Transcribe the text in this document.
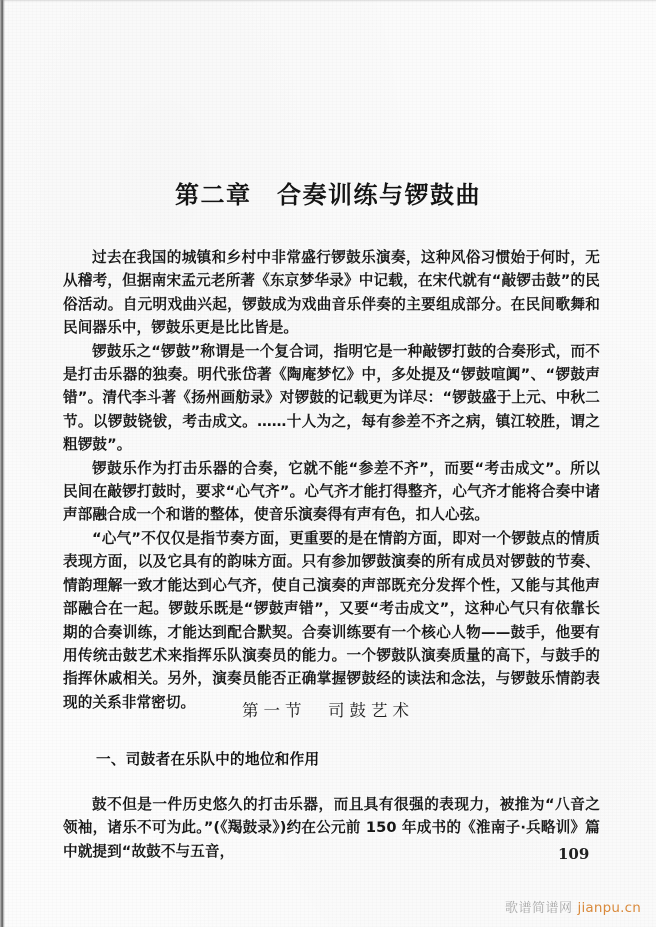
第二章　合奏训练与锣鼓曲

过去在我国的城镇和乡村中非常盛行锣鼓乐演奏，这种风俗习惯始于何时，无从稽考，但据南宋孟元老所著《东京梦华录》中记载，在宋代就有“敲锣击鼓”的民俗活动。自元明戏曲兴起，锣鼓成为戏曲音乐伴奏的主要组成部分。在民间歌舞和民间器乐中，锣鼓乐更是比比皆是。

锣鼓乐之“锣鼓”称谓是一个复合词，指明它是一种敲锣打鼓的合奏形式，而不是打击乐器的独奏。明代张岱著《陶庵梦忆》中，多处提及“锣鼓喧阗”、“锣鼓声错”。清代李斗著《扬州画舫录》对锣鼓的记载更为详尽：“锣鼓盛于上元、中秋二节。以锣鼓铙钹，考击成文。……十人为之，每有参差不齐之病，镇江较胜，谓之粗锣鼓”。

锣鼓乐作为打击乐器的合奏，它就不能“参差不齐”，而要“考击成文”。所以民间在敲锣打鼓时，要求“心气齐”。心气齐才能打得整齐，心气齐才能将合奏中诸声部融合成一个和谐的整体，使音乐演奏得有声有色，扣人心弦。

“心气”不仅仅是指节奏方面，更重要的是在情韵方面，即对一个锣鼓点的情质表现方面，以及它具有的韵味方面。只有参加锣鼓演奏的所有成员对锣鼓的节奏、情韵理解一致才能达到心气齐，使自己演奏的声部既充分发挥个性，又能与其他声部融合在一起。锣鼓乐既是“锣鼓声错”，又要“考击成文”，这种心气只有依靠长期的合奏训练，才能达到配合默契。合奏训练要有一个核心人物——鼓手，他要有用传统击鼓艺术来指挥乐队演奏员的能力。一个锣鼓队演奏质量的高下，与鼓手的指挥休戚相关。另外，演奏员能否正确掌握锣鼓经的读法和念法，与锣鼓乐情韵表现的关系非常密切。	第一节　司鼓艺术
一、司鼓者在乐队中的地位和作用

鼓不但是一件历史悠久的打击乐器，而且具有很强的表现力，被推为“八音之领袖，诸乐不可为此。”(《羯鼓录》)约在公元前 150 年成书的《淮南子·兵略训》篇中就提到“故鼓不与五音，	109
歌谱简谱网 jianpu.cn
